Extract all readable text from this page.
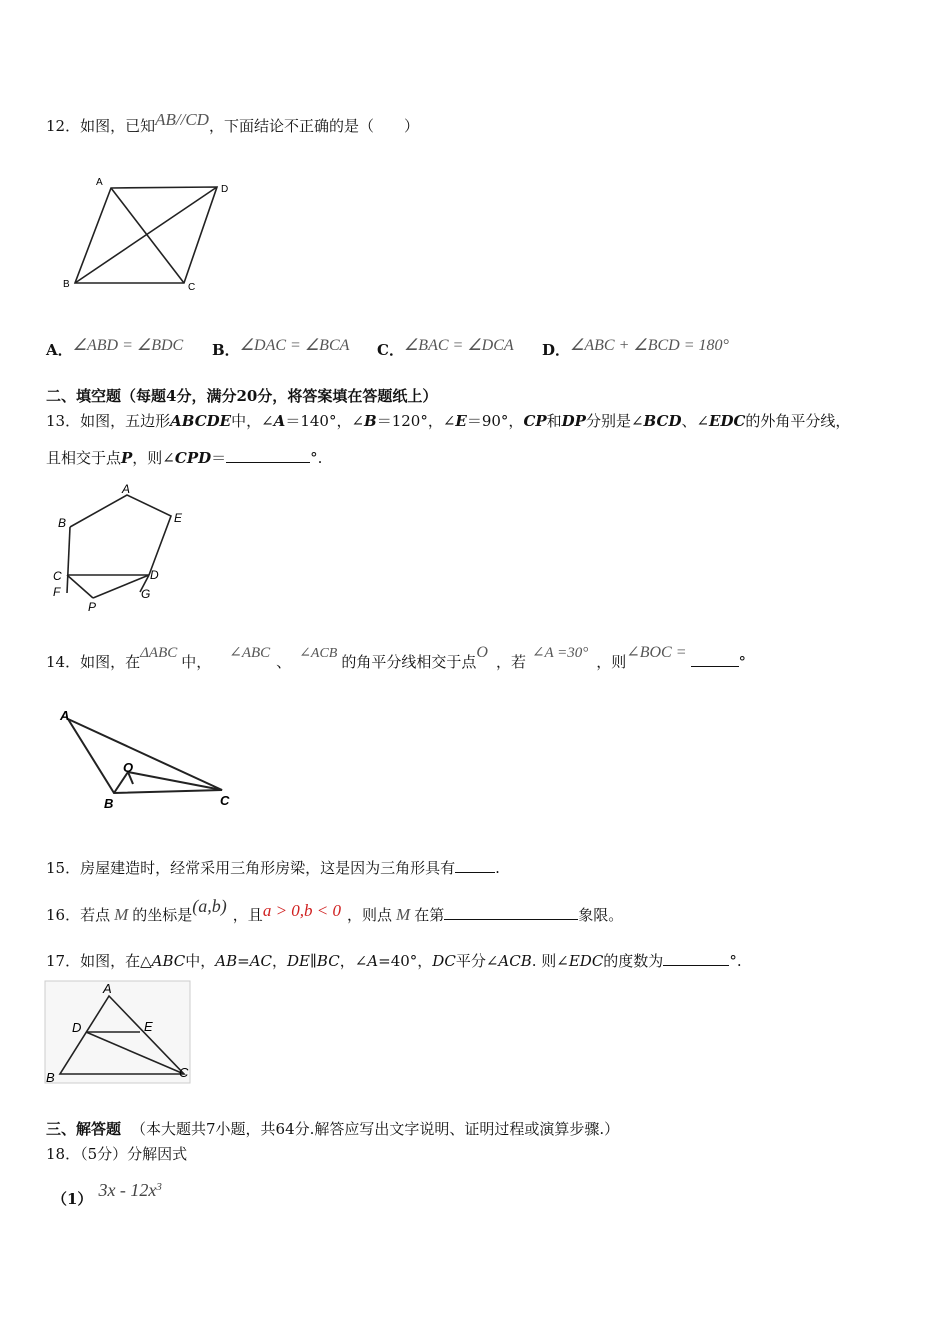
12．如图，已知AB//CD，下面结论不正确的是（　　）
A
D
B	C
A．∠ABD = ∠BDC B．∠DAC = ∠BCA C．∠BAC = ∠DCA D．∠ABC + ∠BCD = 180°
二、填空题（每题4分，满分20分，将答案填在答题纸上）
13．如图，五边形ABCDE中，∠A＝140°，∠B＝120°，∠E＝90°，CP和DP分别是∠BCD、∠EDC的外角平分线，
且相交于点P，则∠CPD＝	°.
A
B	E
C	D
F	G
P
14．如图，在ΔABC 中， ∠ABC 、 ∠ACB 的角平分线相交于点O，若 ∠A =30° ，则∠BOC =°
A
O
B	C
15．房屋建造时，经常采用三角形房梁，这是因为三角形具有	.
16．若点 M 的坐标是(a,b) ，且a > 0,b < 0 ，则点 M 在第	象限。
17．如图，在△ABC中，AB=AC，DE∥BC，∠A=40°，DC平分∠ACB. 则∠EDC的度数为	°.
A
D	E
B	C
三、解答题 （本大题共7小题，共64分.解答应写出文字说明、证明过程或演算步骤.）
18．（5分）分解因式
（1） $3x - 12x^3$
